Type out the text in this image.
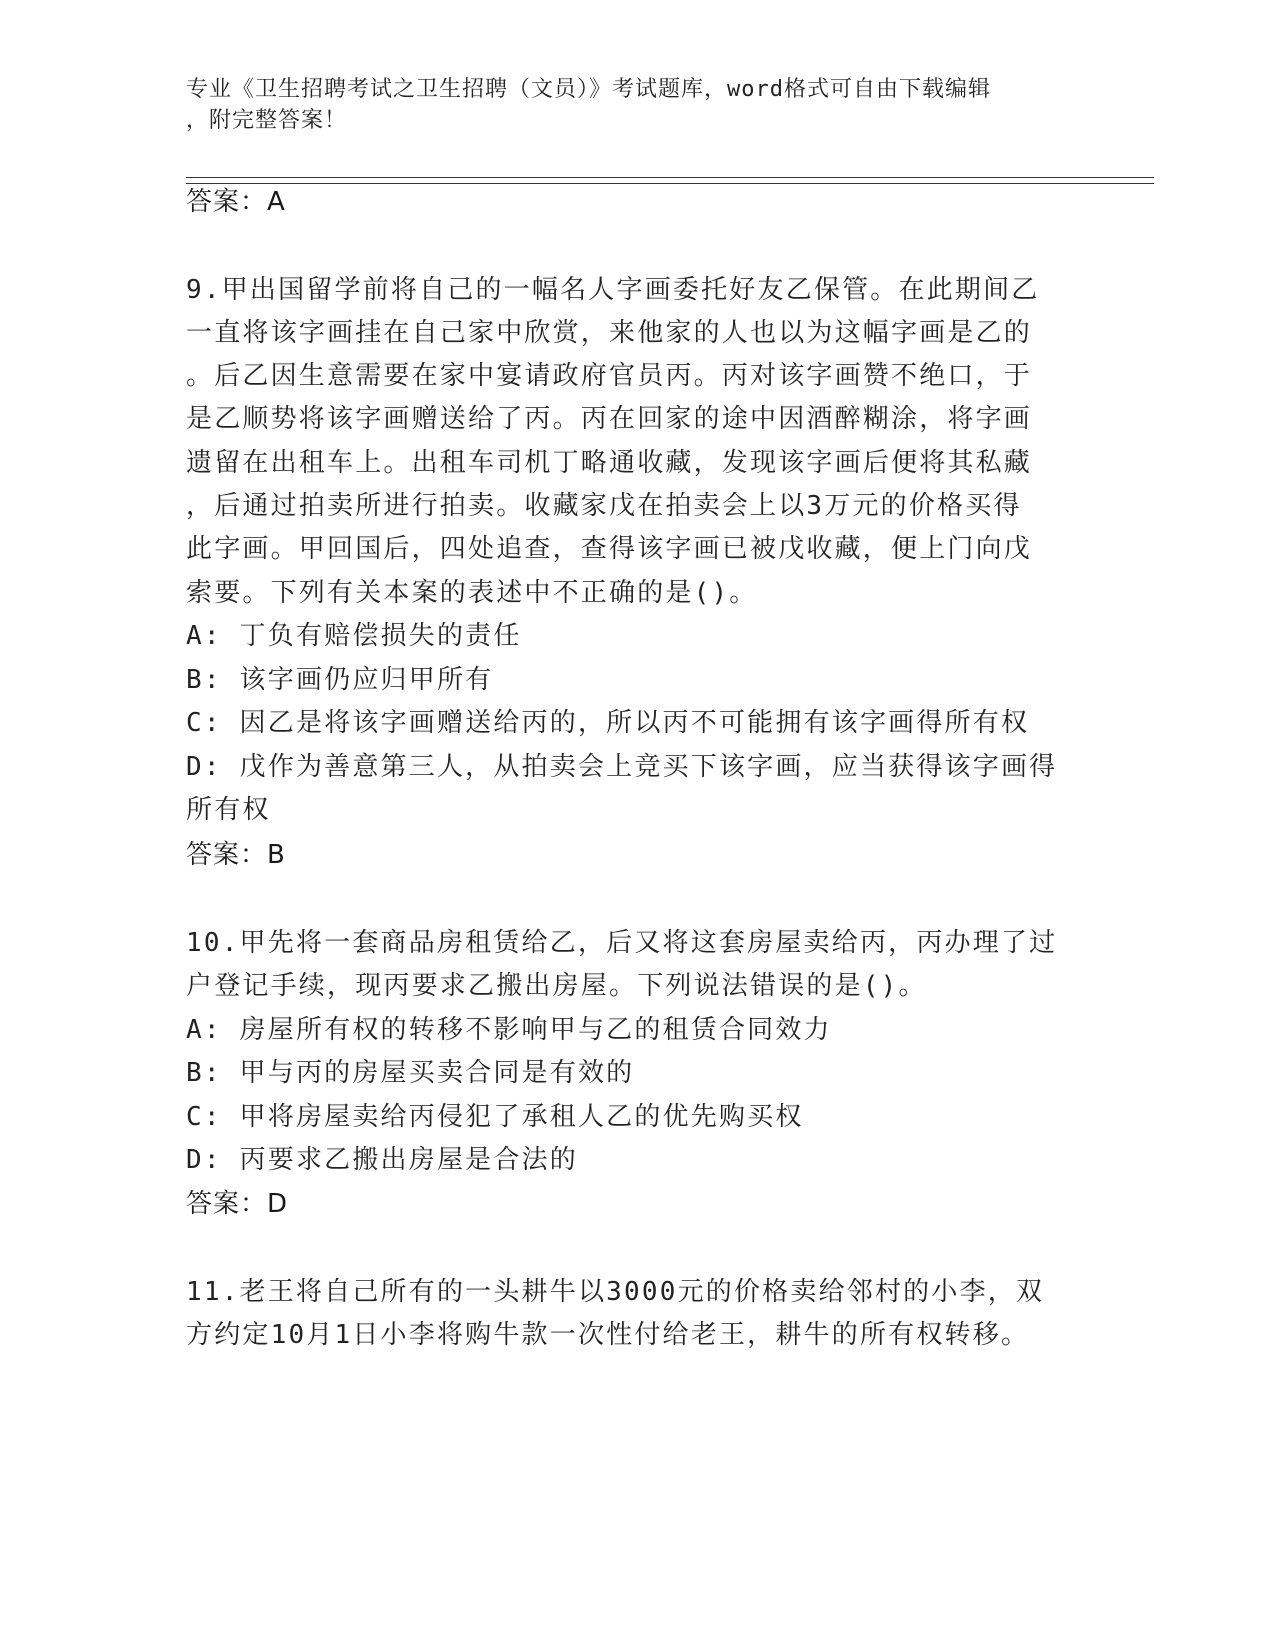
专业《卫生招聘考试之卫生招聘（文员）》考试题库，word格式可自由下载编辑
，附完整答案！
答案：A
9.甲出国留学前将自己的一幅名人字画委托好友乙保管。在此期间乙
一直将该字画挂在自己家中欣赏，来他家的人也以为这幅字画是乙的
。后乙因生意需要在家中宴请政府官员丙。丙对该字画赞不绝口，于
是乙顺势将该字画赠送给了丙。丙在回家的途中因酒醉糊涂，将字画
遗留在出租车上。出租车司机丁略通收藏，发现该字画后便将其私藏
，后通过拍卖所进行拍卖。收藏家戊在拍卖会上以3万元的价格买得
此字画。甲回国后，四处追查，查得该字画已被戊收藏，便上门向戊
索要。下列有关本案的表述中不正确的是()。
A: 丁负有赔偿损失的责任
B: 该字画仍应归甲所有
C: 因乙是将该字画赠送给丙的，所以丙不可能拥有该字画得所有权
D: 戊作为善意第三人，从拍卖会上竞买下该字画，应当获得该字画得
所有权
答案：B
10.甲先将一套商品房租赁给乙，后又将这套房屋卖给丙，丙办理了过
户登记手续，现丙要求乙搬出房屋。下列说法错误的是()。
A: 房屋所有权的转移不影响甲与乙的租赁合同效力
B: 甲与丙的房屋买卖合同是有效的
C: 甲将房屋卖给丙侵犯了承租人乙的优先购买权
D: 丙要求乙搬出房屋是合法的
答案：D
11.老王将自己所有的一头耕牛以3000元的价格卖给邻村的小李，双
方约定10月1日小李将购牛款一次性付给老王，耕牛的所有权转移。
